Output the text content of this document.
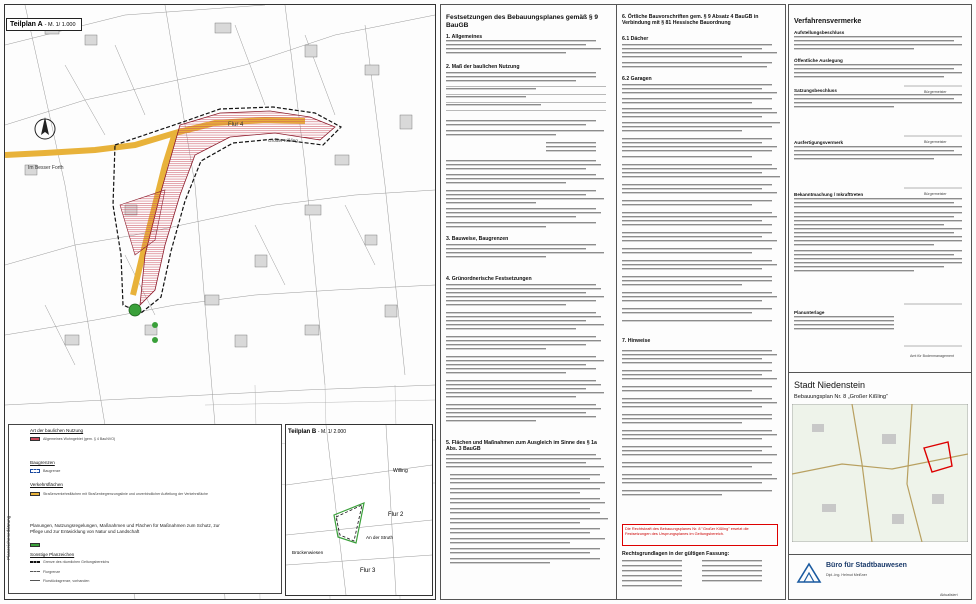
Teilplan A - M. 1/ 1.000
Flur 4
Im Besser Forth
Großer Kißling
Planzeichenerklärung
Art der baulichen Nutzung
Allgemeines Wohngebiet (gem. § 4 BauNVO)
Baugrenzen
Baugrenze
Verkehrsflächen
Straßenverkehrsflächen mit Straßenbegrenzungslinie und unverbindlicher Aufteilung der Verkehrsfläche
Planungen, Nutzungsregelungen, Maßnahmen und Flächen für Maßnahmen zum Schutz, zur Pflege und zur Entwicklung von Natur und Landschaft
Sonstige Planzeichen
Grenze des räumlichen Geltungsbereichs
Flurgrenze
Flurstücksgrenze, vorhanden
Teilplan B - M. 1/ 2.000
Flur 2
Flur 3
Willing
An der Struth
Brückenwiesen
Festsetzungen des Bebauungsplanes gemäß § 9 BauGB
1. Allgemeines
2. Maß der baulichen Nutzung
3. Bauweise, Baugrenzen
4. Grünordnerische Festsetzungen
5. Flächen und Maßnahmen zum Ausgleich im Sinne des § 1a Abs. 3 BauGB
6. Örtliche Bauvorschriften gem. § 9 Absatz 4 BauGB in Verbindung mit § 81 Hessische Bauordnung
6.1 Dächer
6.2 Garagen
7. Hinweise
Die Rechtskraft des Bebauungsplanes Nr. 8 "Großer Kißling" ersetzt die Festsetzungen des Ursprungsplanes im Geltungsbereich.
Rechtsgrundlagen in der gültigen Fassung:
Verfahrensvermerke
Aufstellungsbeschluss
Öffentliche Auslegung
Satzungsbeschluss
Ausfertigungsvermerk
Bekanntmachung / Inkrafttreten
Planunterlage
Bürgermeister
Bürgermeister
Bürgermeister
Amt für Bodenmanagement
Stadt Niedenstein
Bebauungsplan Nr. 8 „Großer Kißling“
Büro für Stadtbauwesen
Dipl.-Ing. Helmut Meißner
Aktualisiert
